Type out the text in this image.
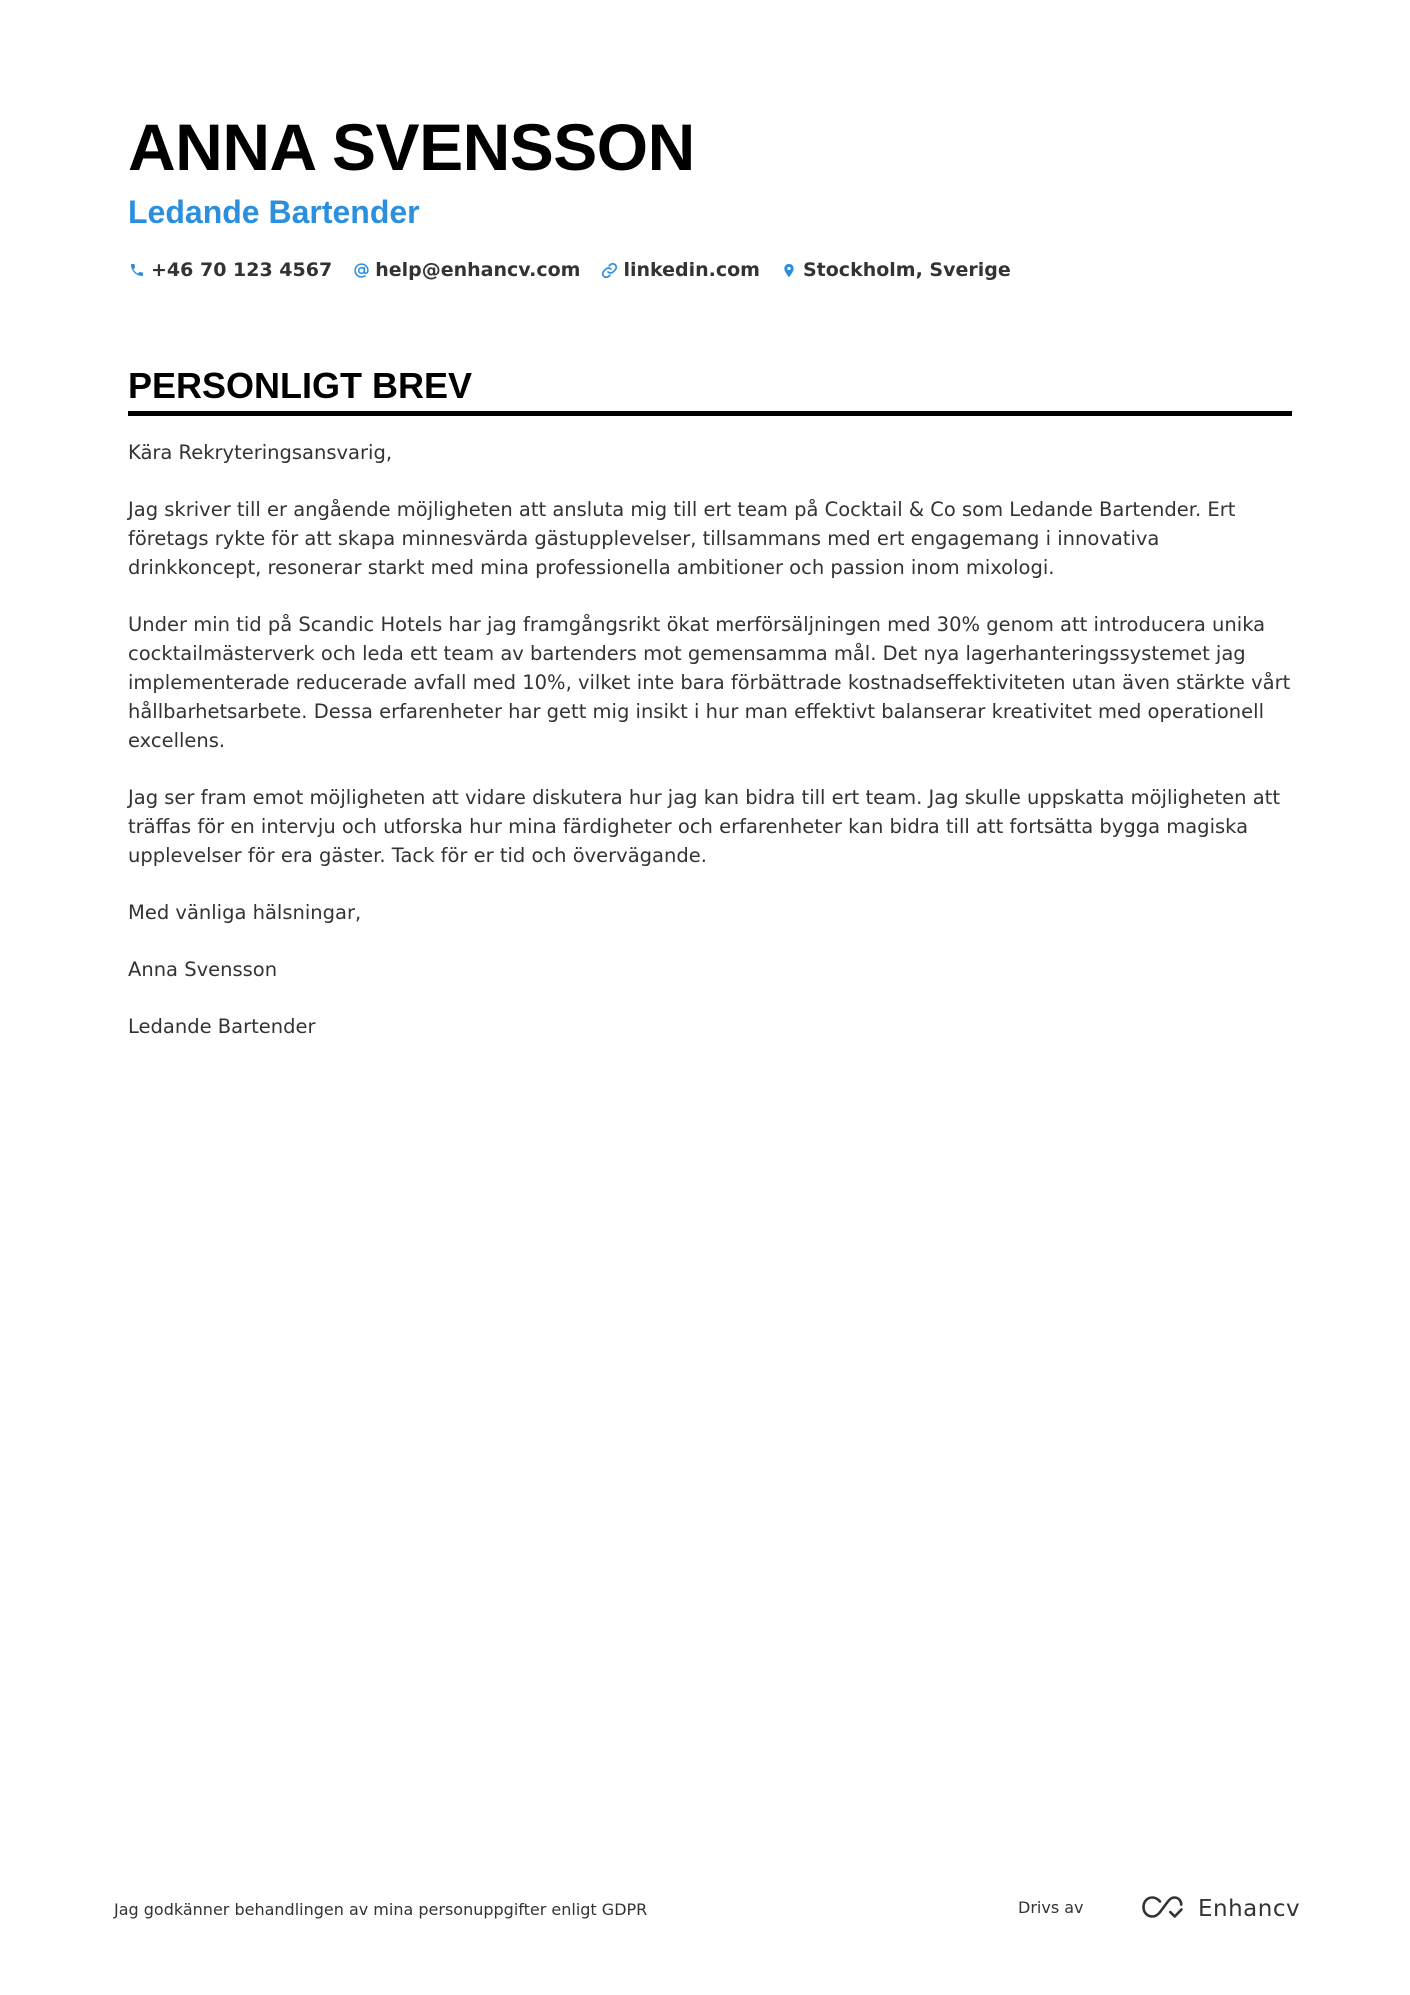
ANNA SVENSSON
Ledande Bartender
+46 70 123 4567 help@enhancv.com linkedin.com Stockholm, Sverige
PERSONLIGT BREV

Kära Rekryteringsansvarig,

Jag skriver till er angående möjligheten att ansluta mig till ert team på Cocktail & Co som Ledande Bartender. Ert företags rykte för att skapa minnesvärda gästupplevelser, tillsammans med ert engagemang i innovativa drinkkoncept, resonerar starkt med mina professionella ambitioner och passion inom mixologi.

Under min tid på Scandic Hotels har jag framgångsrikt ökat merförsäljningen med 30% genom att introducera unika cocktailmästerverk och leda ett team av bartenders mot gemensamma mål. Det nya lagerhanteringssystemet jag implementerade reducerade avfall med 10%, vilket inte bara förbättrade kostnadseffektiviteten utan även stärkte vårt hållbarhetsarbete. Dessa erfarenheter har gett mig insikt i hur man effektivt balanserar kreativitet med operationell excellens.

Jag ser fram emot möjligheten att vidare diskutera hur jag kan bidra till ert team. Jag skulle uppskatta möjligheten att träffas för en intervju och utforska hur mina färdigheter och erfarenheter kan bidra till att fortsätta bygga magiska upplevelser för era gäster. Tack för er tid och övervägande.

Med vänliga hälsningar,

Anna Svensson

Ledande Bartender

Jag godkänner behandlingen av mina personuppgifter enligt GDPR	Drivs av	Enhancv
